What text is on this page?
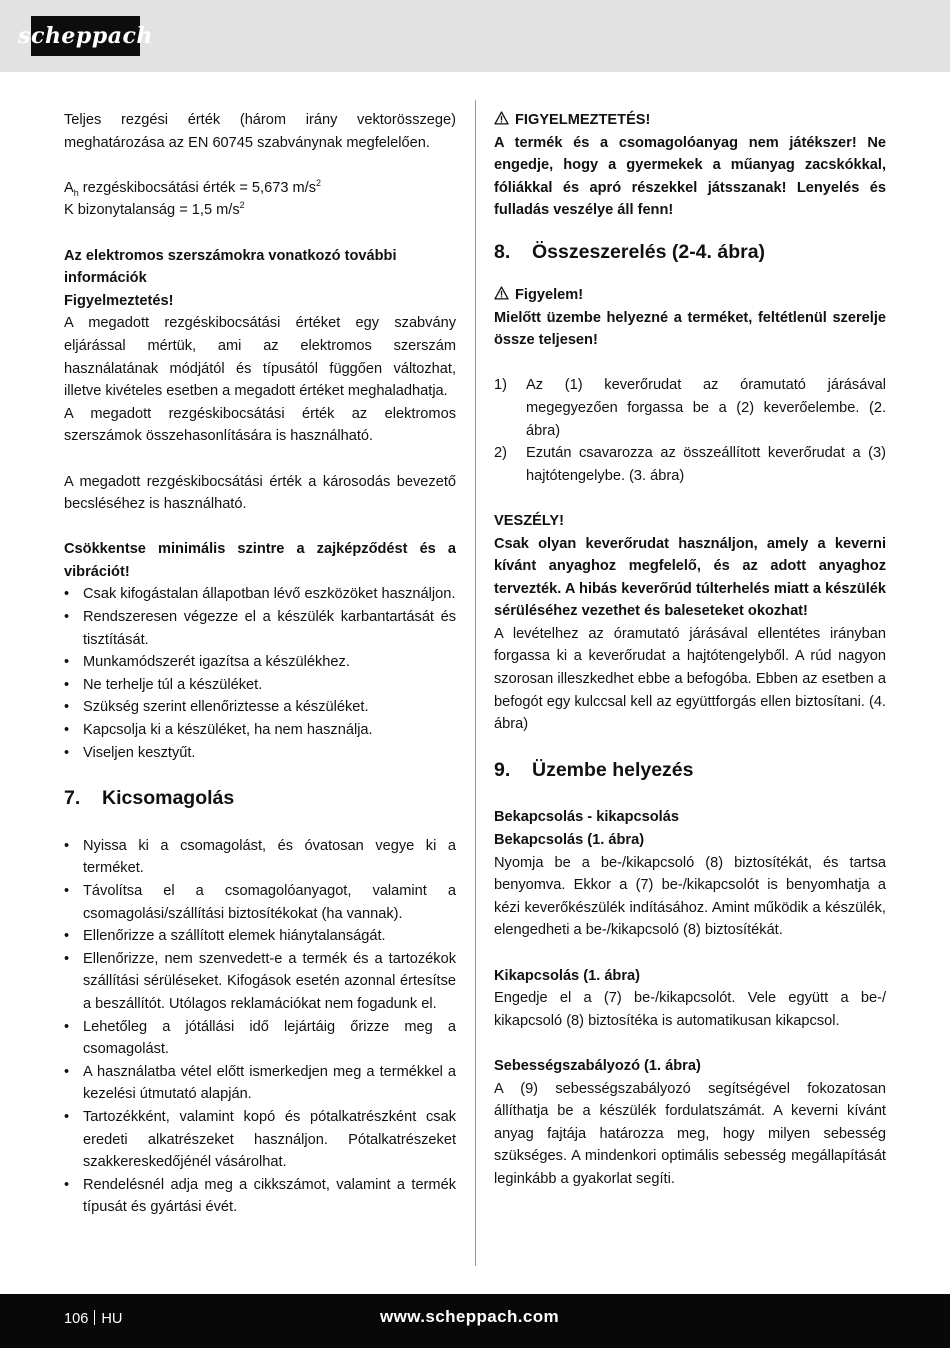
scheppach

Teljes rezgési érték (három irány vektorösszege) meghatározása az EN 60745 szabványnak megfelelően.

$A_h$ rezgéskibocsátási érték = 5,673 $m/s^2$

K bizonytalanság = 1,5 $m/s^2$

Az elektromos szerszámokra vonatkozó további információk

Figyelmeztetés!

A megadott rezgéskibocsátási értéket egy szabvány eljárással mértük, ami az elektromos szerszám használatának módjától és típusától függően változhat, illetve kivételes esetben a megadott értéket meghaladhatja.

A megadott rezgéskibocsátási érték az elektromos szerszámok összehasonlítására is használható.

A megadott rezgéskibocsátási érték a károsodás bevezető becsléséhez is használható.

Csökkentse minimális szintre a zajképződést és a vibrációt!

• Csak kifogástalan állapotban lévő eszközöket használjon.
• Rendszeresen végezze el a készülék karbantartását és tisztítását.
• Munkamódszerét igazítsa a készülékhez.
• Ne terhelje túl a készüléket.
• Szükség szerint ellenőriztesse a készüléket.
• Kapcsolja ki a készüléket, ha nem használja.
• Viseljen kesztyűt.
7.	Kicsomagolás
• Nyissa ki a csomagolást, és óvatosan vegye ki a terméket.
• Távolítsa el a csomagolóanyagot, valamint a csomagolási/szállítási biztosítékokat (ha vannak).
• Ellenőrizze a szállított elemek hiánytalanságát.
• Ellenőrizze, nem szenvedett-e a termék és a tartozékok szállítási sérüléseket. Kifogások esetén azonnal értesítse a beszállítót. Utólagos reklamációkat nem fogadunk el.
• Lehetőleg a jótállási idő lejártáig őrizze meg a csomagolást.
• A használatba vétel előtt ismerkedjen meg a termékkel a kezelési útmutató alapján.
• Tartozékként, valamint kopó és pótalkatrészként csak eredeti alkatrészeket használjon. Pótalkatrészeket szakkereskedőjénél vásárolhat.
• Rendelésnél adja meg a cikkszámot, valamint a termék típusát és gyártási évét.

FIGYELMEZTETÉS!

A termék és a csomagolóanyag nem játékszer! Ne engedje, hogy a gyermekek a műanyag zacskókkal, fóliákkal és apró részekkel játsszanak! Lenyelés és fulladás veszélye áll fenn!

8.	Összeszerelés (2-4. ábra)

Figyelem!

Mielőtt üzembe helyezné a terméket, feltétlenül szerelje össze teljesen!

1)	Az (1) keverőrudat az óramutató járásával megegyezően forgassa be a (2) keverőelembe. (2. ábra)
2)	Ezután csavarozza az összeállított keverőrudat a (3) hajtótengelybe. (3. ábra)

VESZÉLY!

Csak olyan keverőrudat használjon, amely a keverni kívánt anyaghoz megfelelő, és az adott anyaghoz tervezték. A hibás keverőrúd túlterhelés miatt a készülék sérüléséhez vezethet és baleseteket okozhat!

A levételhez az óramutató járásával ellentétes irányban forgassa ki a keverőrudat a hajtótengelyből. A rúd nagyon szorosan illeszkedhet ebbe a befogóba. Ebben az esetben a befogót egy kulccsal kell az együttforgás ellen biztosítani. (4. ábra)

9.	Üzembe helyezés

Bekapcsolás - kikapcsolás

Bekapcsolás (1. ábra)

Nyomja be a be-/kikapcsoló (8) biztosítékát, és tartsa benyomva. Ekkor a (7) be-/kikapcsolót is benyomhatja a kézi keverőkészülék indításához. Amint működik a készülék, elengedheti a be-/kikapcsoló (8) biztosítékát.

Kikapcsolás (1. ábra)

Engedje el a (7) be-/kikapcsolót. Vele együtt a be-/ kikapcsoló (8) biztosítéka is automatikusan kikapcsol.

Sebességszabályozó (1. ábra)

A (9) sebességszabályozó segítségével fokozatosan állíthatja be a készülék fordulatszámát. A keverni kívánt anyag fajtája határozza meg, hogy milyen sebesség szükséges. A mindenkori optimális sebesség megállapítását leginkább a gyakorlat segíti.

106 HU	www.scheppach.com
